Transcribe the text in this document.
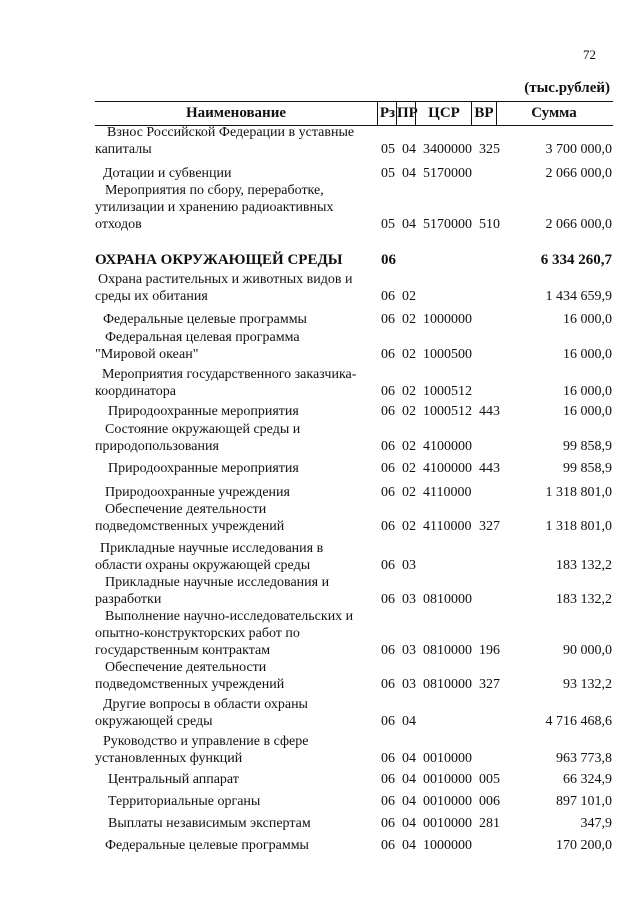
72
(тыс.рублей)
Наименование	Рз ПР ЦСР ВР	Сумма
Взнос Российской Федерации в уставные
капиталы	05 04 3400000 325	3 700 000,0
Дотации и субвенции	05 04 5170000	2 066 000,0
Мероприятия по сбору, переработке,
утилизации и хранению радиоактивных
отходов	05 04 5170000 510	2 066 000,0
ОХРАНА ОКРУЖАЮЩЕЙ СРЕДЫ	06	6 334 260,7
Охрана растительных и животных видов и
среды их обитания	06 02	1 434 659,9
Федеральные целевые программы	06 02 1000000	16 000,0
Федеральная целевая программа
"Мировой океан"	06 02 1000500	16 000,0
Мероприятия государственного заказчика-
координатора	06 02 1000512	16 000,0
Природоохранные мероприятия	06 02 1000512 443	16 000,0
Состояние окружающей среды и
природопользования	06 02 4100000	99 858,9
Природоохранные мероприятия	06 02 4100000 443	99 858,9
Природоохранные учреждения	06 02 4110000	1 318 801,0
Обеспечение деятельности
подведомственных учреждений	06 02 4110000 327	1 318 801,0
Прикладные научные исследования в
области охраны окружающей среды	06 03	183 132,2
Прикладные научные исследования и
разработки	06 03 0810000	183 132,2
Выполнение научно-исследовательских и
опытно-конструкторских работ по
государственным контрактам	06 03 0810000 196	90 000,0
Обеспечение деятельности
подведомственных учреждений	06 03 0810000 327	93 132,2
Другие вопросы в области охраны
окружающей среды	06 04	4 716 468,6
Руководство и управление в сфере
установленных функций	06 04 0010000	963 773,8
Центральный аппарат	06 04 0010000 005	66 324,9
Территориальные органы	06 04 0010000 006	897 101,0
Выплаты независимым экспертам	06 04 0010000 281	347,9
Федеральные целевые программы	06 04 1000000	170 200,0
